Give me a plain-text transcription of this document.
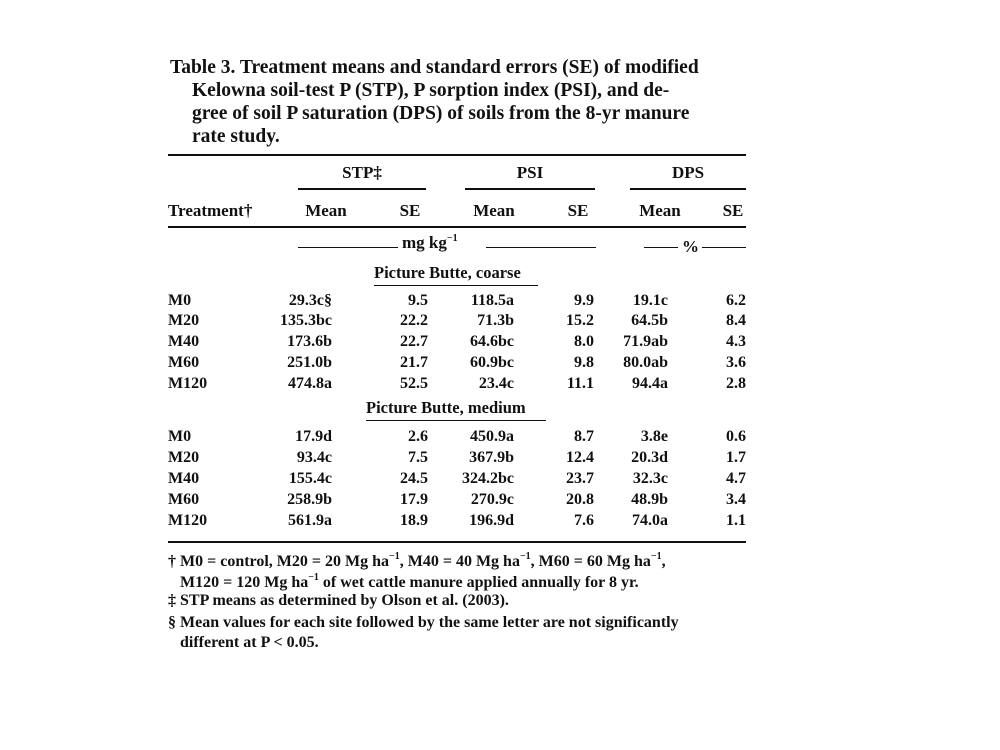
Table 3. Treatment means and standard errors (SE) of modified
Kelowna soil-test P (STP), P sorption index (PSI), and de-
gree of soil P saturation (DPS) of soils from the 8-yr manure
rate study.
STP‡	PSI	DPS
Treatment†	Mean	SE	Mean	SE	Mean	SE
mg $kg^{-1}$	%
Picture Butte, coarse
M0	29.3c§	9.5	118.5a	9.9	19.1c	6.2
M20	135.3bc	22.2	71.3b	15.2	64.5b	8.4
M40	173.6b	22.7	64.6bc	8.0	71.9ab	4.3
M60	251.0b	21.7	60.9bc	9.8	80.0ab	3.6
M120	474.8a	52.5	23.4c	11.1	94.4a	2.8
Picture Butte, medium
M0	17.9d	2.6	450.9a	8.7	3.8e	0.6
M20	93.4c	7.5	367.9b	12.4	20.3d	1.7
M40	155.4c	24.5	324.2bc	23.7	32.3c	4.7
M60	258.9b	17.9	270.9c	20.8	48.9b	3.4
M120	561.9a	18.9	196.9d	7.6	74.0a	1.1
† M0 = control, M20 = 20 Mg $ha^{-1}$, M40 = 40 Mg $ha^{-1}$, M60 = 60 Mg $ha^{-1}$,
M120 = 120 Mg $ha^{-1}$ of wet cattle manure applied annually for 8 yr.
‡ STP means as determined by Olson et al. (2003).
§ Mean values for each site followed by the same letter are not significantly
different at P < 0.05.
